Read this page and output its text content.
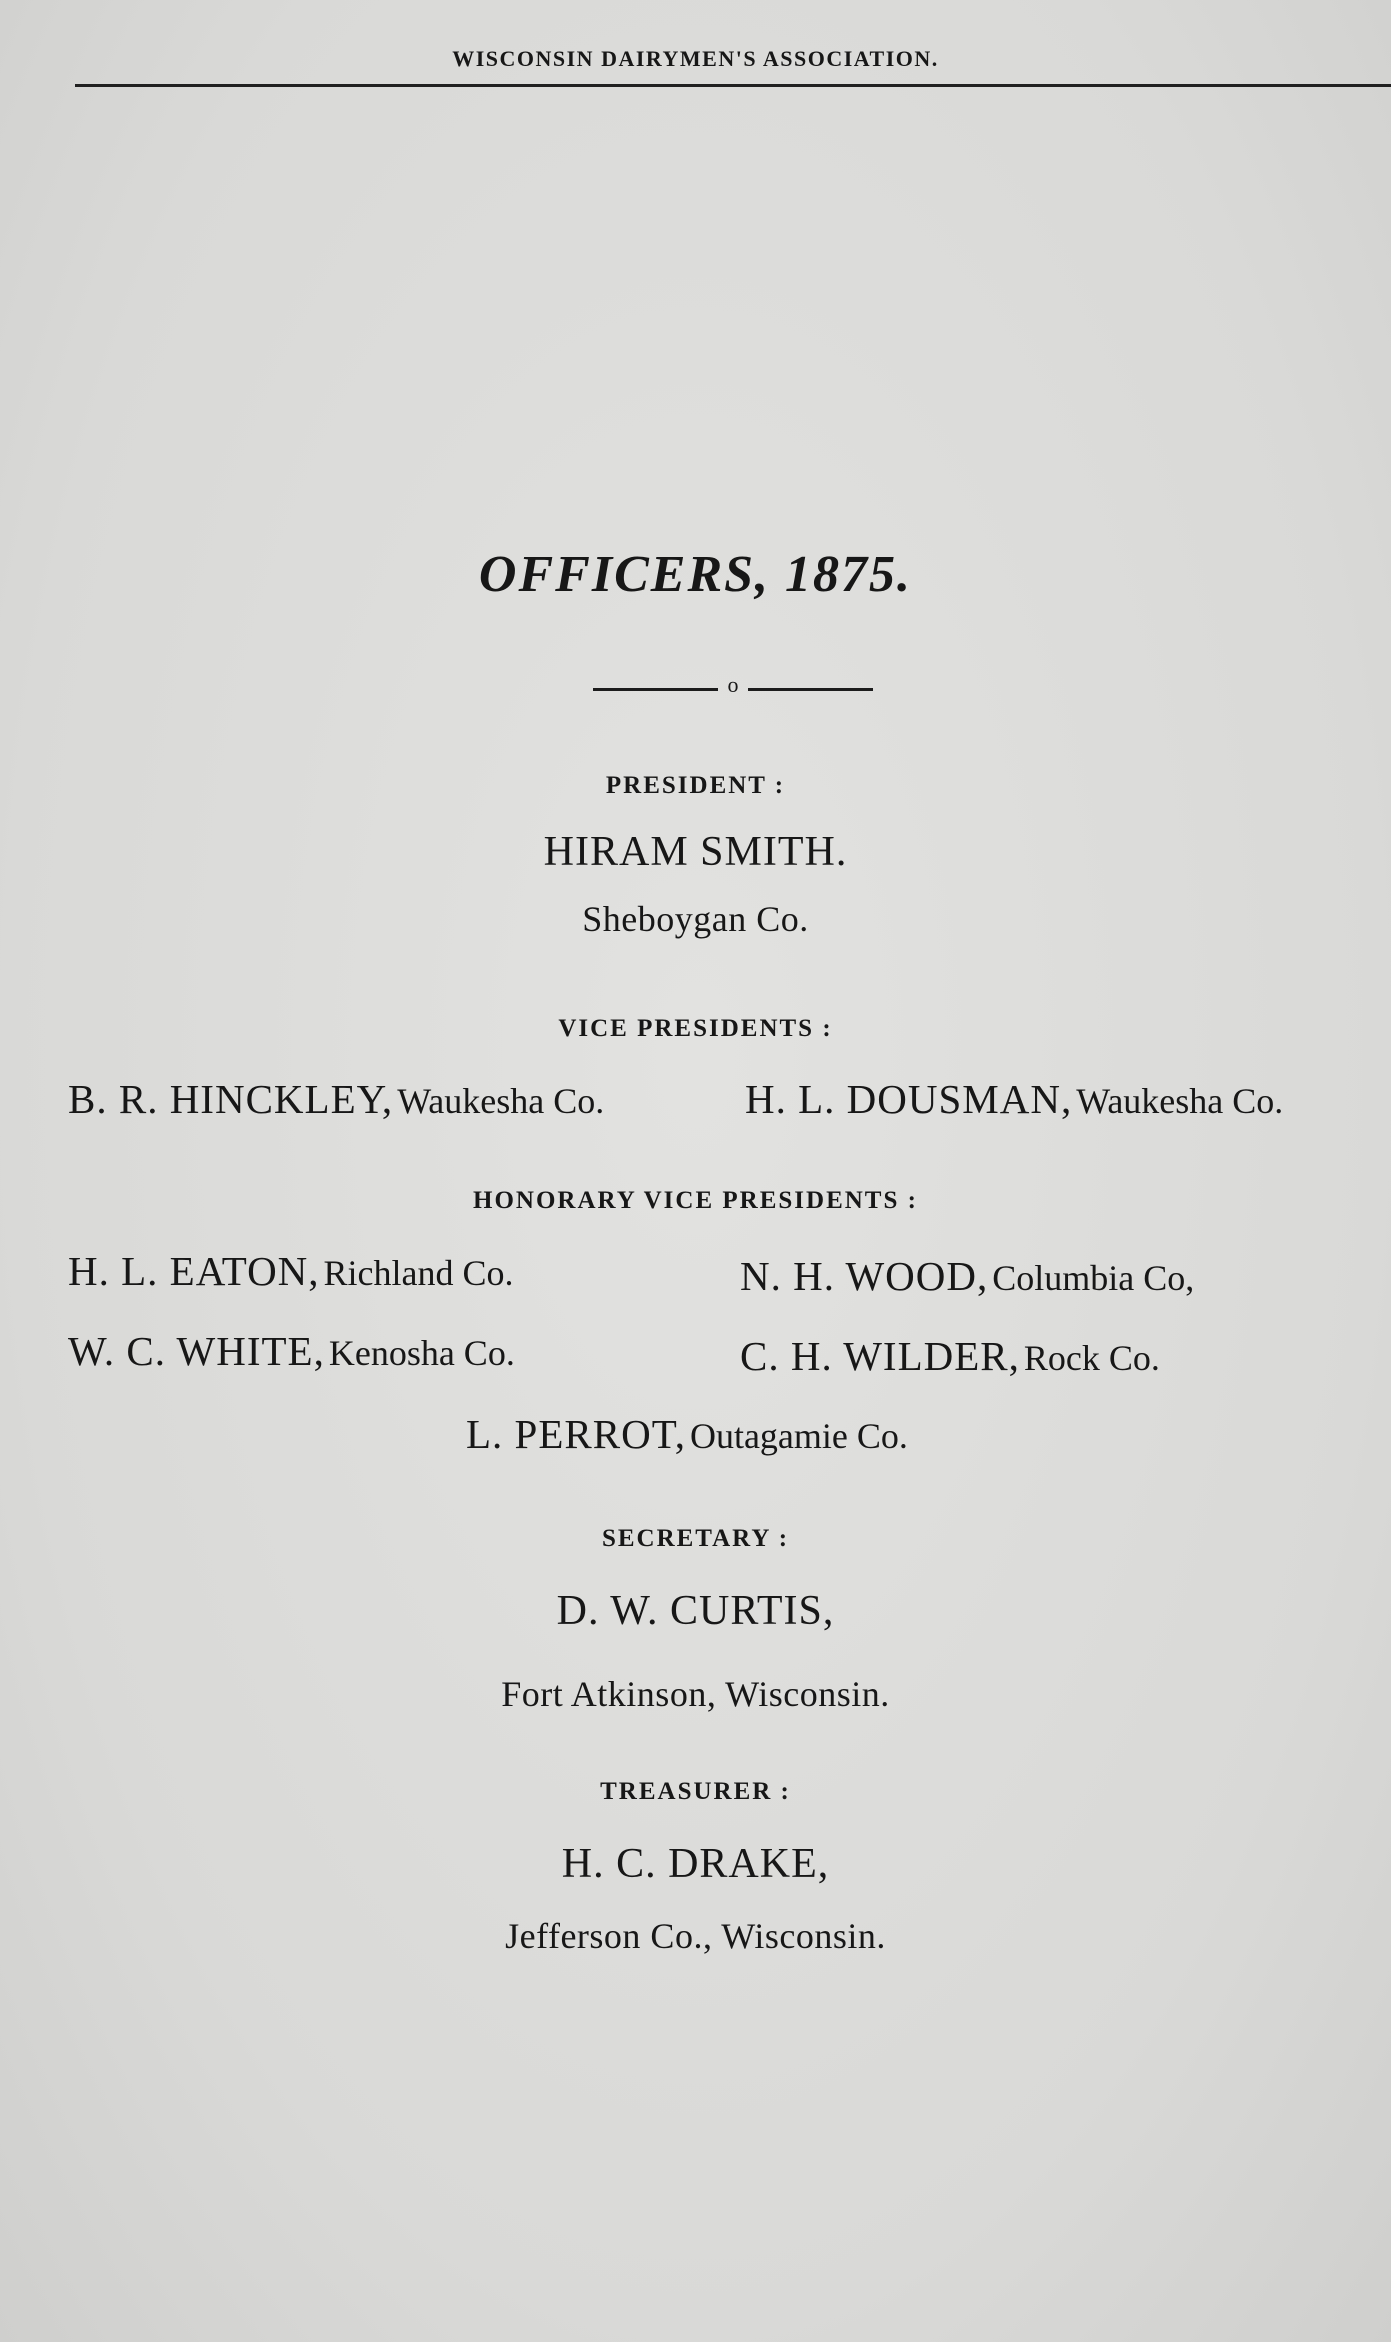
WISCONSIN DAIRYMEN'S ASSOCIATION.
OFFICERS, 1875.
o
PRESIDENT :
HIRAM SMITH.
Sheboygan Co.
VICE PRESIDENTS :
B. R. HINCKLEY, Waukesha Co.	H. L. DOUSMAN, Waukesha Co.
HONORARY VICE PRESIDENTS :
H. L. EATON, Richland Co.	N. H. WOOD, Columbia Co,
W. C. WHITE, Kenosha Co.	C. H. WILDER, Rock Co.
L. PERROT, Outagamie Co.
SECRETARY :
D. W. CURTIS,
Fort Atkinson, Wisconsin.
TREASURER :
H. C. DRAKE,
Jefferson Co., Wisconsin.
